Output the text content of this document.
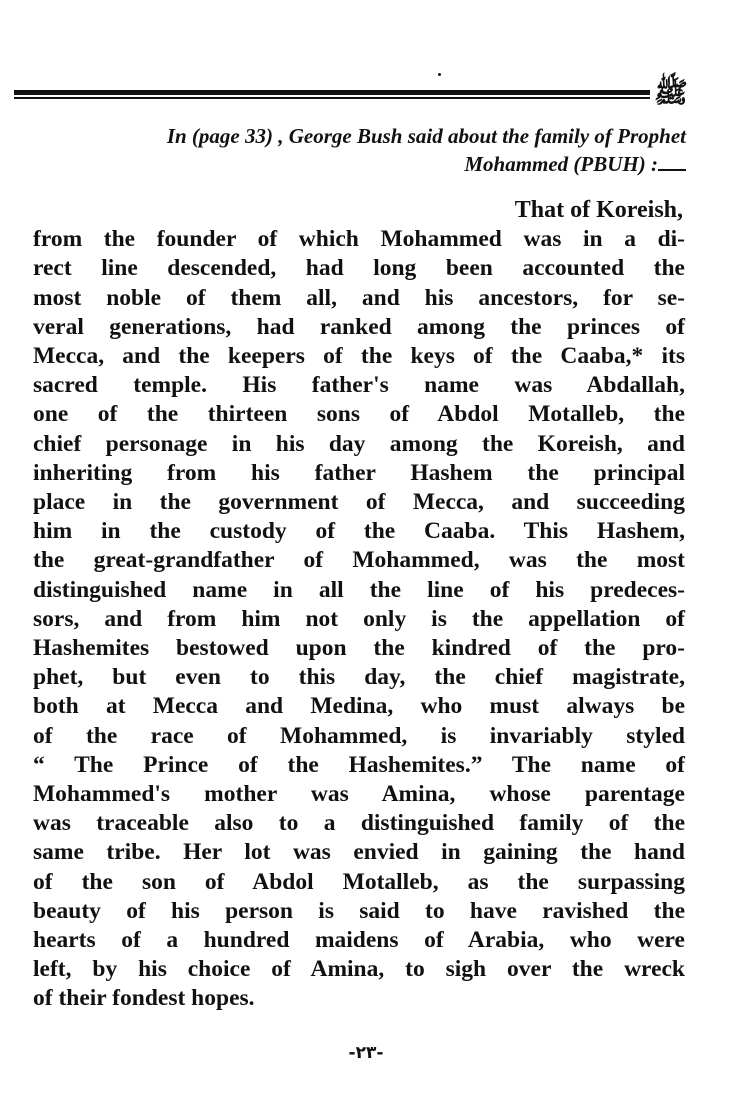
ﷺ
In (page 33) , George Bush said about the family of Prophet
Mohammed (PBUH) :
That of Koreish,
from the founder of which Mohammed was in a di-
rect line descended, had long been accounted the
most noble of them all, and his ancestors, for se-
veral generations, had ranked among the princes of
Mecca, and the keepers of the keys of the Caaba,* its
sacred temple. His father's name was Abdallah,
one of the thirteen sons of Abdol Motalleb, the
chief personage in his day among the Koreish, and
inheriting from his father Hashem the principal
place in the government of Mecca, and succeeding
him in the custody of the Caaba. This Hashem,
the great-grandfather of Mohammed, was the most
distinguished name in all the line of his predeces-
sors, and from him not only is the appellation of
Hashemites bestowed upon the kindred of the pro-
phet, but even to this day, the chief magistrate,
both at Mecca and Medina, who must always be
of the race of Mohammed, is invariably styled
“ The Prince of the Hashemites.” The name of
Mohammed's mother was Amina, whose parentage
was traceable also to a distinguished family of the
same tribe. Her lot was envied in gaining the hand
of the son of Abdol Motalleb, as the surpassing
beauty of his person is said to have ravished the
hearts of a hundred maidens of Arabia, who were
left, by his choice of Amina, to sigh over the wreck
of their fondest hopes.
-٢٣-
